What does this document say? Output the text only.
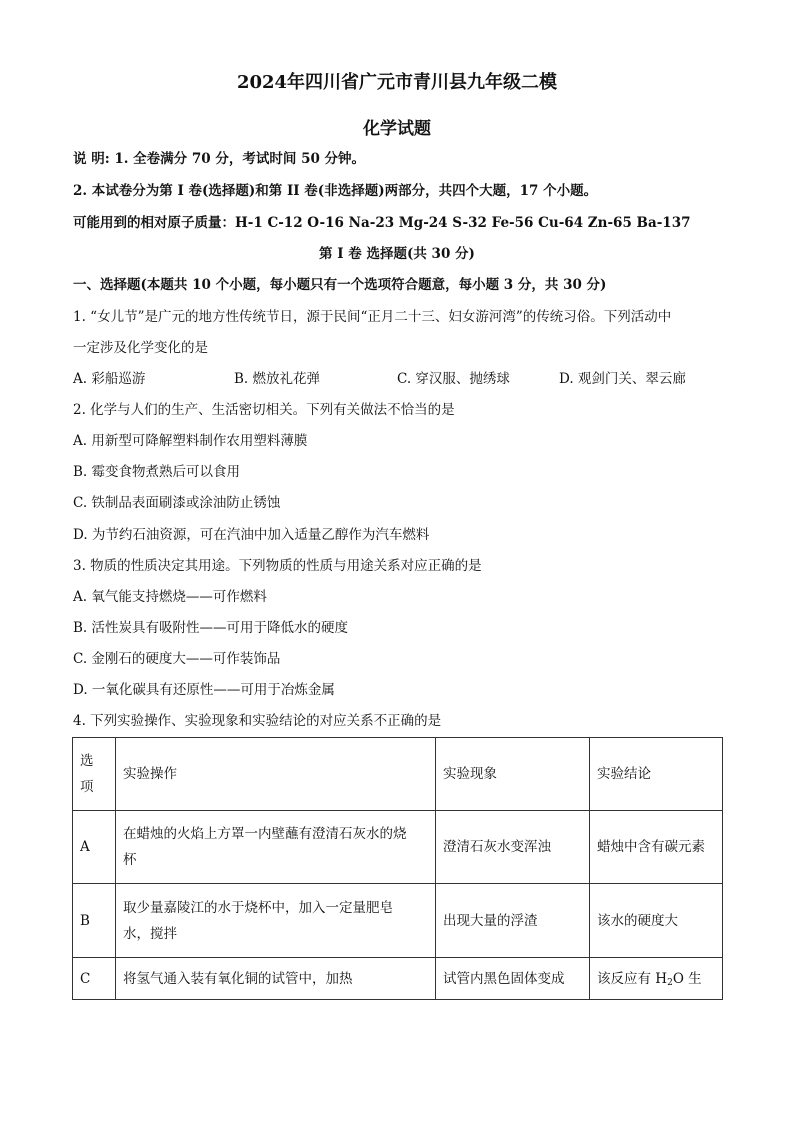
2024年四川省广元市青川县九年级二模
化学试题
说 明: 1. 全卷满分 70 分，考试时间 50 分钟。
2. 本试卷分为第 I 卷(选择题)和第 II 卷(非选择题)两部分，共四个大题，17 个小题。
可能用到的相对原子质量：H-1 C-12 O-16 Na-23 Mg-24 S-32 Fe-56 Cu-64 Zn-65 Ba-137
第 I 卷 选择题(共 30 分)
一、选择题(本题共 10 个小题，每小题只有一个选项符合题意，每小题 3 分，共 30 分)
1. “女儿节”是广元的地方性传统节日，源于民间“正月二十三、妇女游河湾”的传统习俗。下列活动中
一定涉及化学变化的是
A. 彩船巡游	B. 燃放礼花弹	C. 穿汉服、抛绣球	D. 观剑门关、翠云廊
2. 化学与人们的生产、生活密切相关。下列有关做法不恰当的是
A. 用新型可降解塑料制作农用塑料薄膜
B. 霉变食物煮熟后可以食用
C. 铁制品表面刷漆或涂油防止锈蚀
D. 为节约石油资源，可在汽油中加入适量乙醇作为汽车燃料
3. 物质的性质决定其用途。下列物质的性质与用途关系对应正确的是
A. 氧气能支持燃烧——可作燃料
B. 活性炭具有吸附性——可用于降低水的硬度
C. 金刚石的硬度大——可作装饰品
D. 一氧化碳具有还原性——可用于冶炼金属
4. 下列实验操作、实验现象和实验结论的对应关系不正确的是
选
项	实验操作	实验现象	实验结论
A	在蜡烛的火焰上方罩一内壁蘸有澄清石灰水的烧
杯	澄清石灰水变浑浊	蜡烛中含有碳元素
B	取少量嘉陵江的水于烧杯中，加入一定量肥皂
水，搅拌	出现大量的浮渣	该水的硬度大
C	将氢气通入装有氧化铜的试管中，加热	试管内黑色固体变成	该反应有 $H_2O$ 生
